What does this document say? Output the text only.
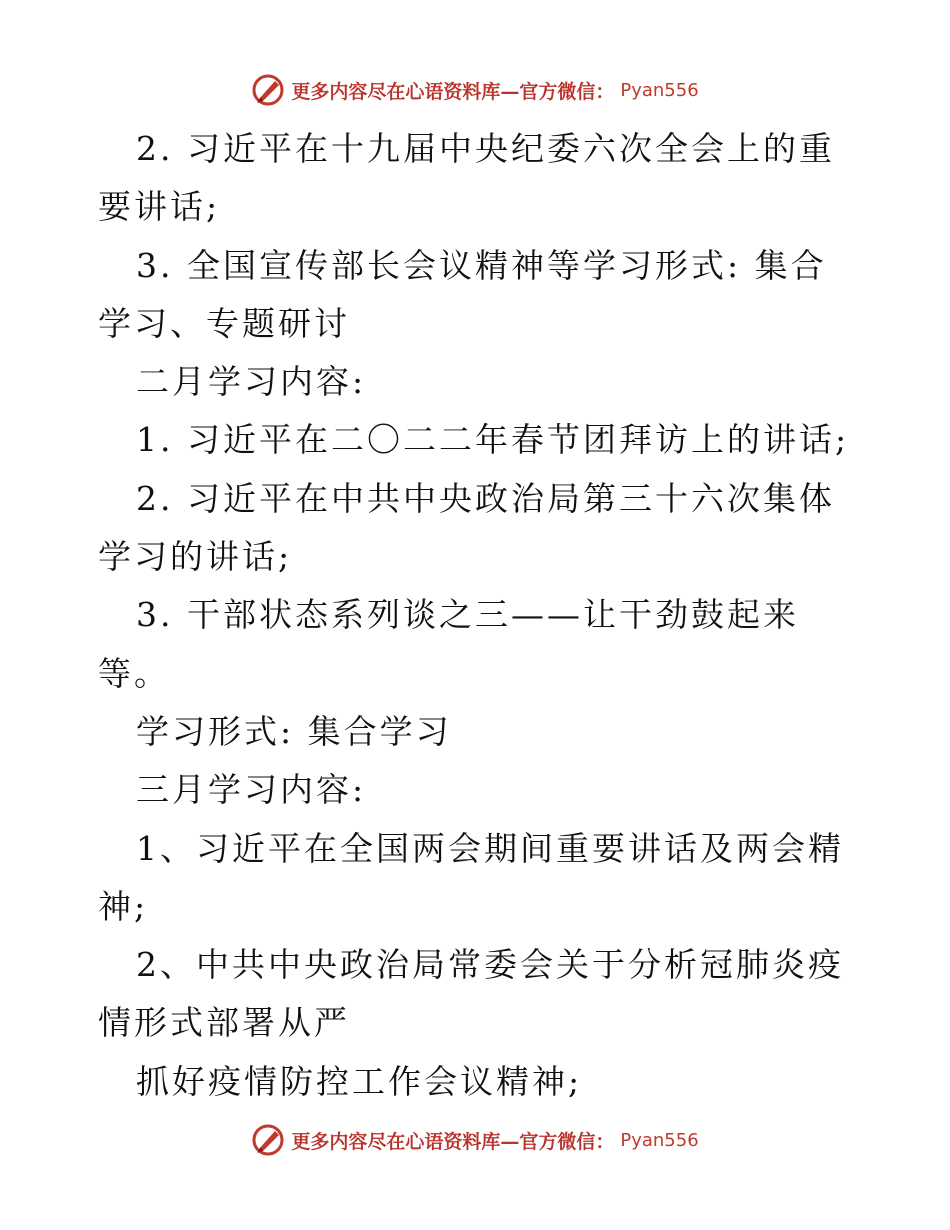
更多内容尽在心语资料库—官方微信： Pyan556

2. 习近平在十九届中央纪委六次全会上的重要讲话;

3. 全国宣传部长会议精神等学习形式: 集合学习、专题研讨

二月学习内容:

1. 习近平在二〇二二年春节团拜访上的讲话;

2. 习近平在中共中央政治局第三十六次集体学习的讲话;

3. 干部状态系列谈之三——让干劲鼓起来等。

学习形式: 集合学习

三月学习内容:

1、习近平在全国两会期间重要讲话及两会精神;

2、中共中央政治局常委会关于分析冠肺炎疫情形式部署从严

抓好疫情防控工作会议精神;

更多内容尽在心语资料库—官方微信： Pyan556
